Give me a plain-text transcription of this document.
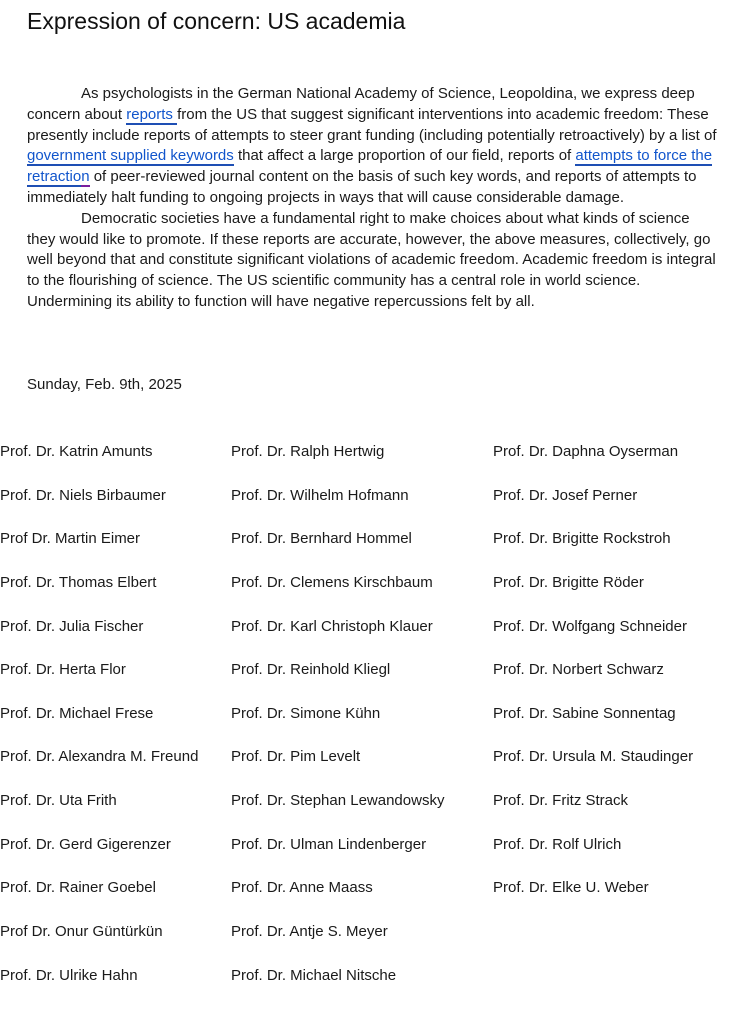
Expression of concern: US academia

As psychologists in the German National Academy of Science, Leopoldina, we express deep concern about reports from the US that suggest significant interventions into academic freedom: These presently include reports of attempts to steer grant funding (including potentially retroactively) by a list of government supplied keywords that affect a large proportion of our field, reports of attempts to force the retraction of peer-reviewed journal content on the basis of such key words, and reports of attempts to immediately halt funding to ongoing projects in ways that will cause considerable damage.

Democratic societies have a fundamental right to make choices about what kinds of science they would like to promote. If these reports are accurate, however, the above measures, collectively, go well beyond that and constitute significant violations of academic freedom. Academic freedom is integral to the flourishing of science. The US scientific community has a central role in world science. Undermining its ability to function will have negative repercussions felt by all.

Sunday, Feb. 9th, 2025
Prof. Dr. Katrin Amunts
Prof. Dr. Niels Birbaumer
Prof Dr. Martin Eimer
Prof. Dr. Thomas Elbert
Prof. Dr. Julia Fischer
Prof. Dr. Herta Flor
Prof. Dr. Michael Frese
Prof. Dr. Alexandra M. Freund
Prof. Dr. Uta Frith
Prof. Dr. Gerd Gigerenzer
Prof. Dr. Rainer Goebel
Prof Dr. Onur Güntürkün
Prof. Dr. Ulrike Hahn
Prof. Dr. Ralph Hertwig
Prof. Dr. Wilhelm Hofmann
Prof. Dr. Bernhard Hommel
Prof. Dr. Clemens Kirschbaum
Prof. Dr. Karl Christoph Klauer
Prof. Dr. Reinhold Kliegl
Prof. Dr. Simone Kühn
Prof. Dr. Pim Levelt
Prof. Dr. Stephan Lewandowsky
Prof. Dr. Ulman Lindenberger
Prof. Dr. Anne Maass
Prof. Dr. Antje S. Meyer
Prof. Dr. Michael Nitsche
Prof. Dr. Daphna Oyserman
Prof. Dr. Josef Perner
Prof. Dr. Brigitte Rockstroh
Prof. Dr. Brigitte Röder
Prof. Dr. Wolfgang Schneider
Prof. Dr. Norbert Schwarz
Prof. Dr. Sabine Sonnentag
Prof. Dr. Ursula M. Staudinger
Prof. Dr. Fritz Strack
Prof. Dr. Rolf Ulrich
Prof. Dr. Elke U. Weber
